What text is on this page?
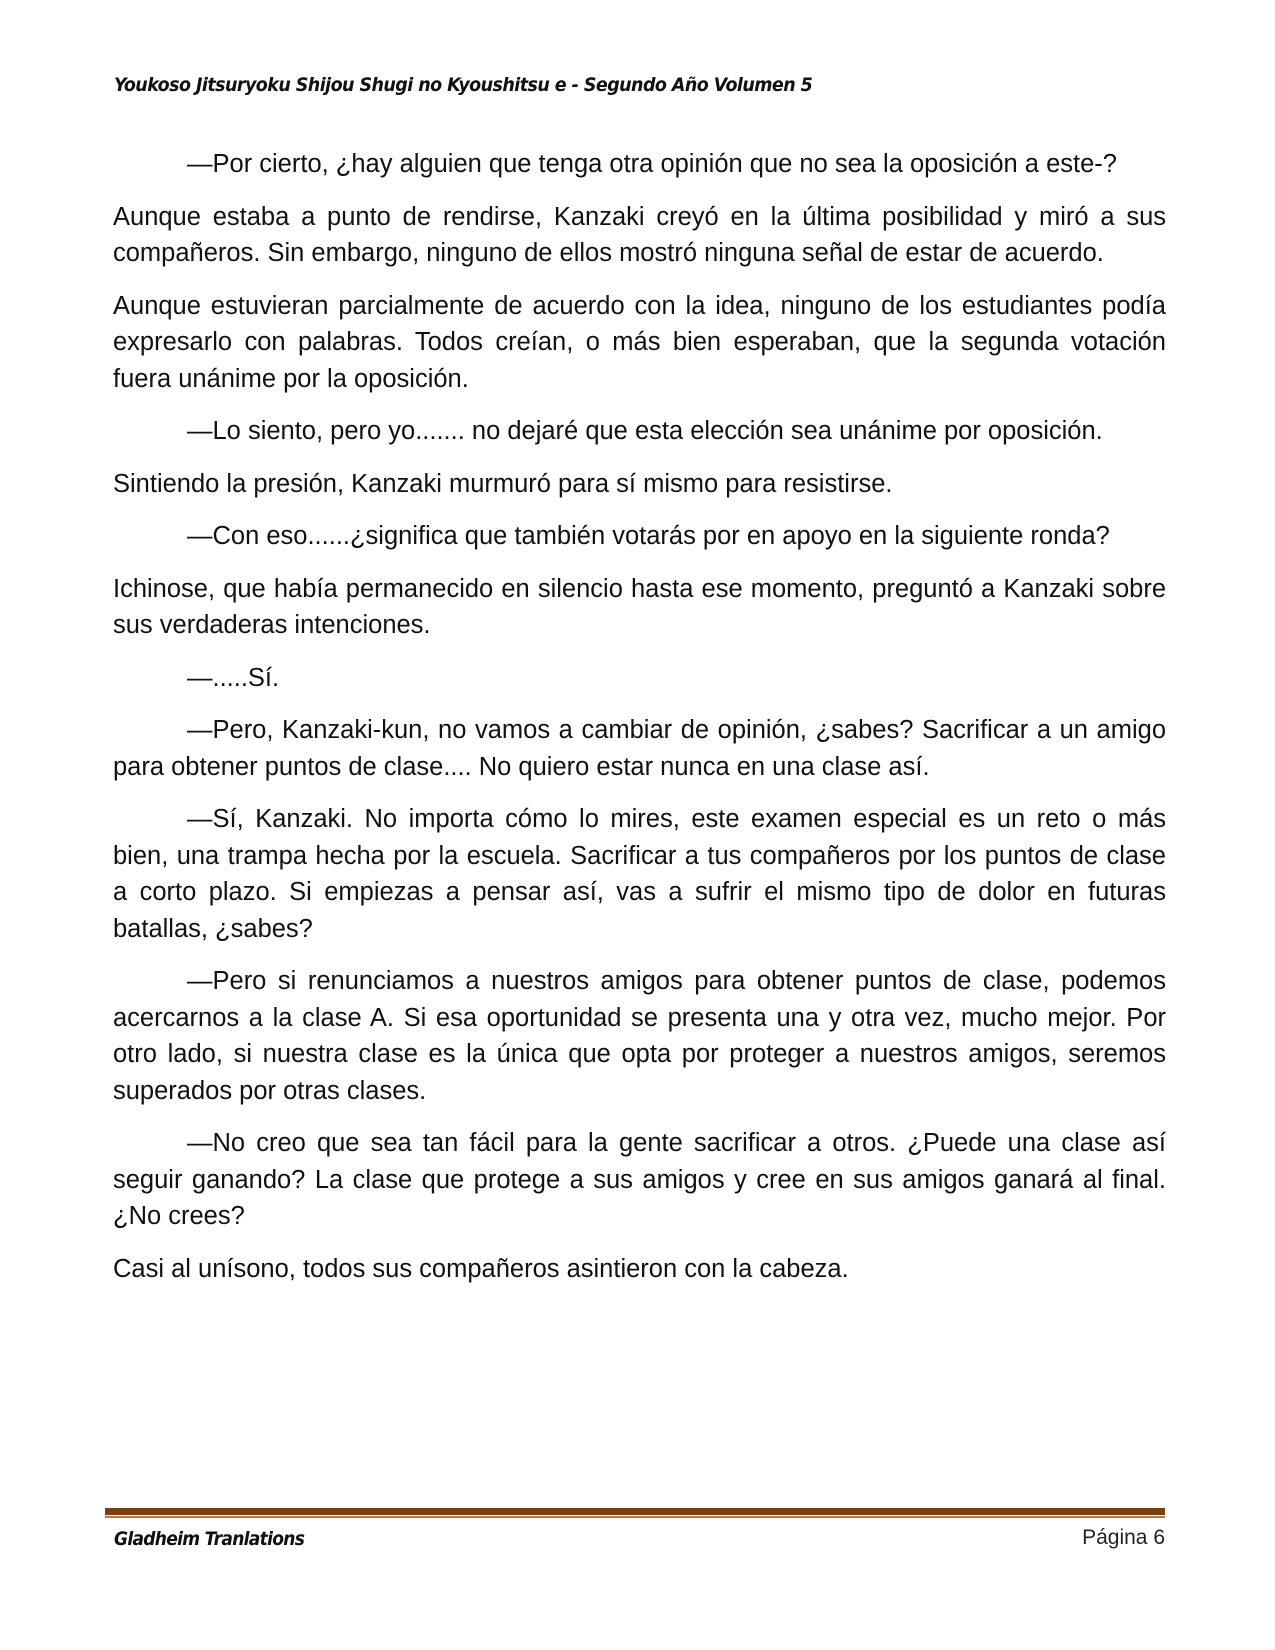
Youkoso Jitsuryoku Shijou Shugi no Kyoushitsu e - Segundo Año Volumen 5

—Por cierto, ¿hay alguien que tenga otra opinión que no sea la oposición a este-?

Aunque estaba a punto de rendirse, Kanzaki creyó en la última posibilidad y miró a sus compañeros. Sin embargo, ninguno de ellos mostró ninguna señal de estar de acuerdo.

Aunque estuvieran parcialmente de acuerdo con la idea, ninguno de los estudiantes podía expresarlo con palabras. Todos creían, o más bien esperaban, que la segunda votación fuera unánime por la oposición.

—Lo siento, pero yo....... no dejaré que esta elección sea unánime por oposición.

Sintiendo la presión, Kanzaki murmuró para sí mismo para resistirse.

—Con eso......¿significa que también votarás por en apoyo en la siguiente ronda?

Ichinose, que había permanecido en silencio hasta ese momento, preguntó a Kanzaki sobre sus verdaderas intenciones.

—.....Sí.

—Pero, Kanzaki-kun, no vamos a cambiar de opinión, ¿sabes? Sacrificar a un amigo para obtener puntos de clase.... No quiero estar nunca en una clase así.

—Sí, Kanzaki. No importa cómo lo mires, este examen especial es un reto o más bien, una trampa hecha por la escuela. Sacrificar a tus compañeros por los puntos de clase a corto plazo. Si empiezas a pensar así, vas a sufrir el mismo tipo de dolor en futuras batallas, ¿sabes?

—Pero si renunciamos a nuestros amigos para obtener puntos de clase, podemos acercarnos a la clase A. Si esa oportunidad se presenta una y otra vez, mucho mejor. Por otro lado, si nuestra clase es la única que opta por proteger a nuestros amigos, seremos superados por otras clases.

—No creo que sea tan fácil para la gente sacrificar a otros. ¿Puede una clase así seguir ganando? La clase que protege a sus amigos y cree en sus amigos ganará al final. ¿No crees?

Casi al unísono, todos sus compañeros asintieron con la cabeza.

Gladheim Tranlations	Página 6
